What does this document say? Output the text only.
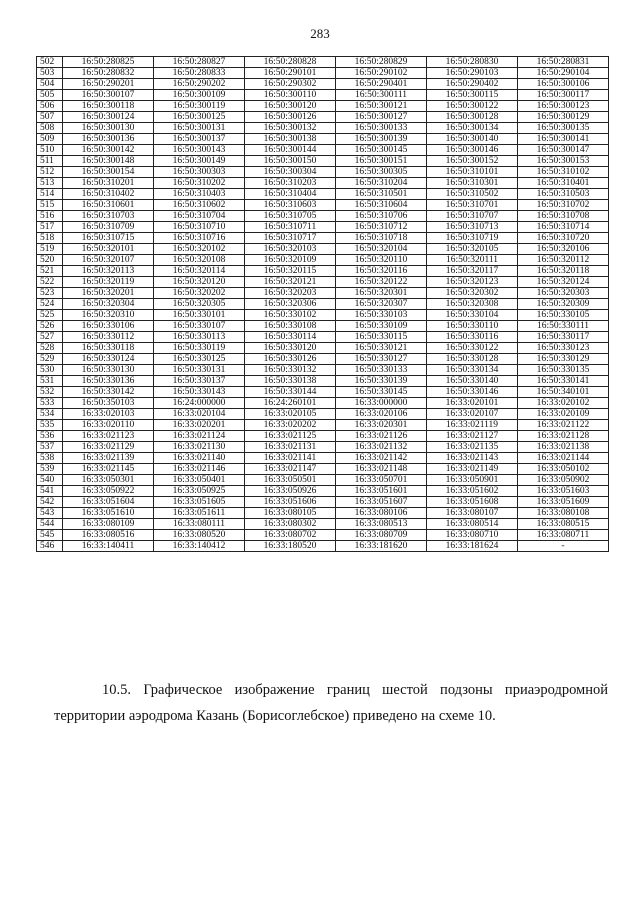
283
502	16:50:280825	16:50:280827	16:50:280828	16:50:280829	16:50:280830	16:50:280831
503	16:50:280832	16:50:280833	16:50:290101	16:50:290102	16:50:290103	16:50:290104
504	16:50:290201	16:50:290202	16:50:290302	16:50:290401	16:50:290402	16:50:300106
505	16:50:300107	16:50:300109	16:50:300110	16:50:300111	16:50:300115	16:50:300117
506	16:50:300118	16:50:300119	16:50:300120	16:50:300121	16:50:300122	16:50:300123
507	16:50:300124	16:50:300125	16:50:300126	16:50:300127	16:50:300128	16:50:300129
508	16:50:300130	16:50:300131	16:50:300132	16:50:300133	16:50:300134	16:50:300135
509	16:50:300136	16:50:300137	16:50:300138	16:50:300139	16:50:300140	16:50:300141
510	16:50:300142	16:50:300143	16:50:300144	16:50:300145	16:50:300146	16:50:300147
511	16:50:300148	16:50:300149	16:50:300150	16:50:300151	16:50:300152	16:50:300153
512	16:50:300154	16:50:300303	16:50:300304	16:50:300305	16:50:310101	16:50:310102
513	16:50:310201	16:50:310202	16:50:310203	16:50:310204	16:50:310301	16:50:310401
514	16:50:310402	16:50:310403	16:50:310404	16:50:310501	16:50:310502	16:50:310503
515	16:50:310601	16:50:310602	16:50:310603	16:50:310604	16:50:310701	16:50:310702
516	16:50:310703	16:50:310704	16:50:310705	16:50:310706	16:50:310707	16:50:310708
517	16:50:310709	16:50:310710	16:50:310711	16:50:310712	16:50:310713	16:50:310714
518	16:50:310715	16:50:310716	16:50:310717	16:50:310718	16:50:310719	16:50:310720
519	16:50:320101	16:50:320102	16:50:320103	16:50:320104	16:50:320105	16:50:320106
520	16:50:320107	16:50:320108	16:50:320109	16:50:320110	16:50:320111	16:50:320112
521	16:50:320113	16:50:320114	16:50:320115	16:50:320116	16:50:320117	16:50:320118
522	16:50:320119	16:50:320120	16:50:320121	16:50:320122	16:50:320123	16:50:320124
523	16:50:320201	16:50:320202	16:50:320203	16:50:320301	16:50:320302	16:50:320303
524	16:50:320304	16:50:320305	16:50:320306	16:50:320307	16:50:320308	16:50:320309
525	16:50:320310	16:50:330101	16:50:330102	16:50:330103	16:50:330104	16:50:330105
526	16:50:330106	16:50:330107	16:50:330108	16:50:330109	16:50:330110	16:50:330111
527	16:50:330112	16:50:330113	16:50:330114	16:50:330115	16:50:330116	16:50:330117
528	16:50:330118	16:50:330119	16:50:330120	16:50:330121	16:50:330122	16:50:330123
529	16:50:330124	16:50:330125	16:50:330126	16:50:330127	16:50:330128	16:50:330129
530	16:50:330130	16:50:330131	16:50:330132	16:50:330133	16:50:330134	16:50:330135
531	16:50:330136	16:50:330137	16:50:330138	16:50:330139	16:50:330140	16:50:330141
532	16:50:330142	16:50:330143	16:50:330144	16:50:330145	16:50:330146	16:50:340101
533	16:50:350103	16:24:000000	16:24:260101	16:33:000000	16:33:020101	16:33:020102
534	16:33:020103	16:33:020104	16:33:020105	16:33:020106	16:33:020107	16:33:020109
535	16:33:020110	16:33:020201	16:33:020202	16:33:020301	16:33:021119	16:33:021122
536	16:33:021123	16:33:021124	16:33:021125	16:33:021126	16:33:021127	16:33:021128
537	16:33:021129	16:33:021130	16:33:021131	16:33:021132	16:33:021135	16:33:021138
538	16:33:021139	16:33:021140	16:33:021141	16:33:021142	16:33:021143	16:33:021144
539	16:33:021145	16:33:021146	16:33:021147	16:33:021148	16:33:021149	16:33:050102
540	16:33:050301	16:33:050401	16:33:050501	16:33:050701	16:33:050901	16:33:050902
541	16:33:050922	16:33:050925	16:33:050926	16:33:051601	16:33:051602	16:33:051603
542	16:33:051604	16:33:051605	16:33:051606	16:33:051607	16:33:051608	16:33:051609
543	16:33:051610	16:33:051611	16:33:080105	16:33:080106	16:33:080107	16:33:080108
544	16:33:080109	16:33:080111	16:33:080302	16:33:080513	16:33:080514	16:33:080515
545	16:33:080516	16:33:080520	16:33:080702	16:33:080709	16:33:080710	16:33:080711
546	16:33:140411	16:33:140412	16:33:180520	16:33:181620	16:33:181624	-
10.5. Графическое изображение границ шестой подзоны приаэродромной территории аэродрома Казань (Борисоглебское) приведено на схеме 10.
